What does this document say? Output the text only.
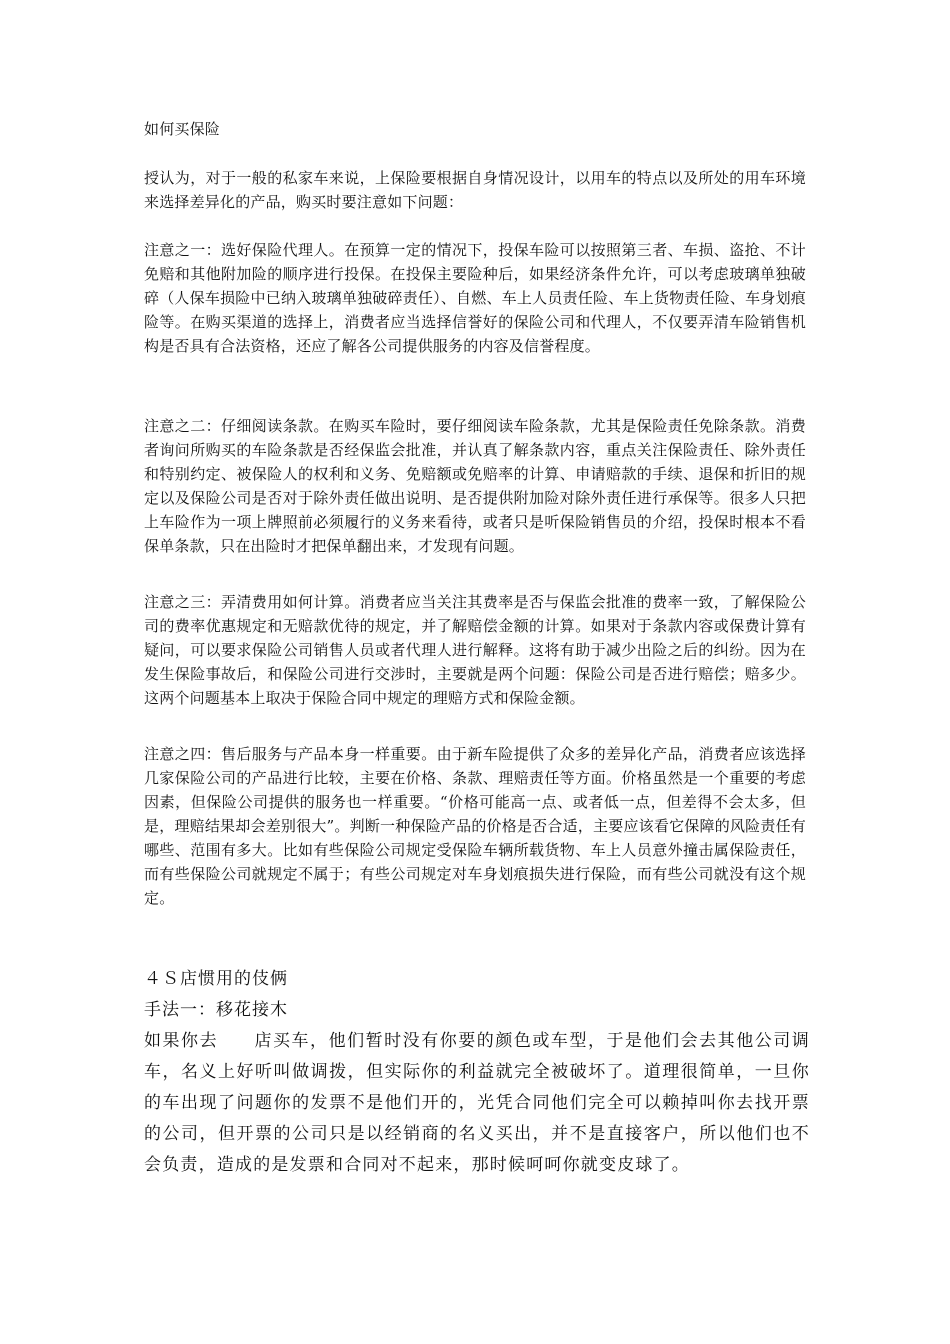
如何买保险
授认为，对于一般的私家车来说，上保险要根据自身情况设计，以用车的特点以及所处的用车环境来选择差异化的产品，购买时要注意如下问题：
注意之一：选好保险代理人。在预算一定的情况下，投保车险可以按照第三者、车损、盗抢、不计免赔和其他附加险的顺序进行投保。在投保主要险种后，如果经济条件允许，可以考虑玻璃单独破碎（人保车损险中已纳入玻璃单独破碎责任）、自燃、车上人员责任险、车上货物责任险、车身划痕险等。在购买渠道的选择上，消费者应当选择信誉好的保险公司和代理人，不仅要弄清车险销售机构是否具有合法资格，还应了解各公司提供服务的内容及信誉程度。
注意之二：仔细阅读条款。在购买车险时，要仔细阅读车险条款，尤其是保险责任免除条款。消费者询问所购买的车险条款是否经保监会批准，并认真了解条款内容，重点关注保险责任、除外责任和特别约定、被保险人的权利和义务、免赔额或免赔率的计算、申请赔款的手续、退保和折旧的规定以及保险公司是否对于除外责任做出说明、是否提供附加险对除外责任进行承保等。很多人只把上车险作为一项上牌照前必须履行的义务来看待，或者只是听保险销售员的介绍，投保时根本不看保单条款，只在出险时才把保单翻出来，才发现有问题。
注意之三：弄清费用如何计算。消费者应当关注其费率是否与保监会批准的费率一致，了解保险公司的费率优惠规定和无赔款优待的规定，并了解赔偿金额的计算。如果对于条款内容或保费计算有疑问，可以要求保险公司销售人员或者代理人进行解释。这将有助于减少出险之后的纠纷。因为在发生保险事故后，和保险公司进行交涉时，主要就是两个问题：保险公司是否进行赔偿；赔多少。这两个问题基本上取决于保险合同中规定的理赔方式和保险金额。
注意之四：售后服务与产品本身一样重要。由于新车险提供了众多的差异化产品，消费者应该选择几家保险公司的产品进行比较，主要在价格、条款、理赔责任等方面。价格虽然是一个重要的考虑因素，但保险公司提供的服务也一样重要。“价格可能高一点、或者低一点，但差得不会太多，但是，理赔结果却会差别很大”。判断一种保险产品的价格是否合适，主要应该看它保障的风险责任有哪些、范围有多大。比如有些保险公司规定受保险车辆所载货物、车上人员意外撞击属保险责任，而有些保险公司就规定不属于；有些公司规定对车身划痕损失进行保险，而有些公司就没有这个规定。
４Ｓ店惯用的伎俩
手法一：移花接木
如果你去 店买车，他们暂时没有你要的颜色或车型，于是他们会去其他公司调车，名义上好听叫做调拨，但实际你的利益就完全被破坏了。道理很简单，一旦你的车出现了问题你的发票不是他们开的，光凭合同他们完全可以赖掉叫你去找开票的公司，但开票的公司只是以经销商的名义买出，并不是直接客户，所以他们也不会负责，造成的是发票和合同对不起来，那时候呵呵你就变皮球了。
